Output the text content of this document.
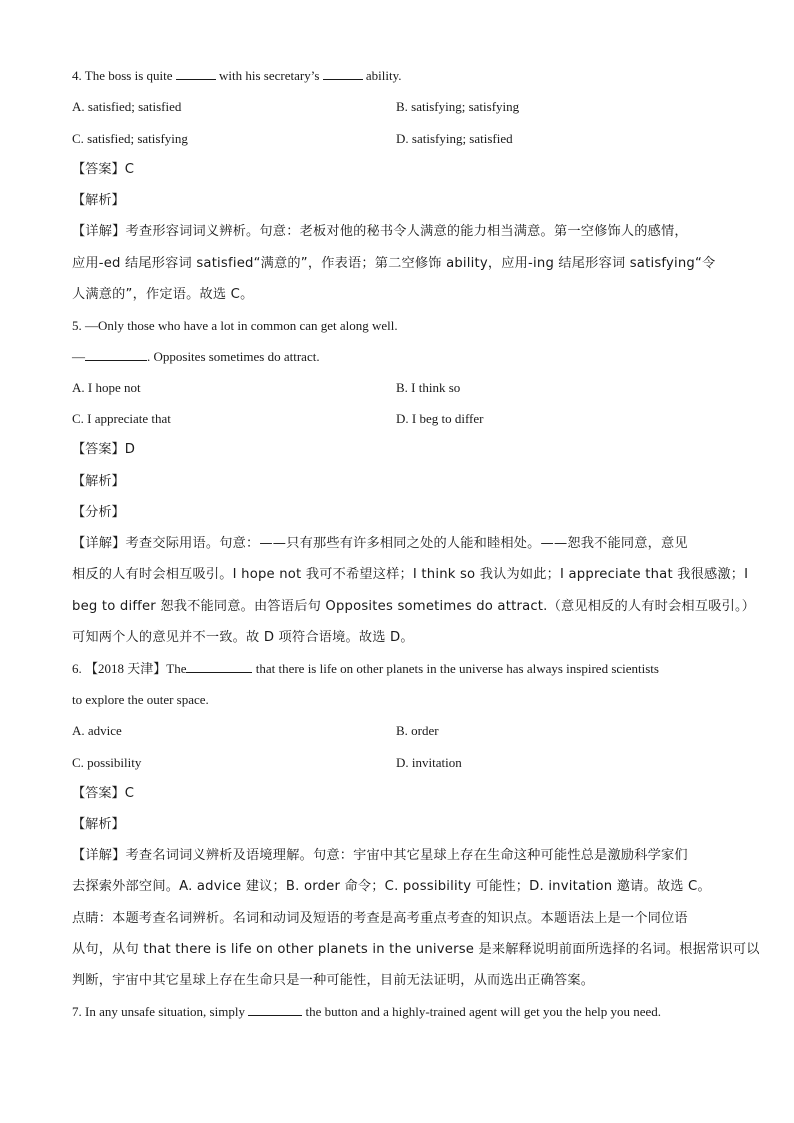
4. The boss is quite	with his secretary’s	ability.
A. satisfied; satisfied	B. satisfying; satisfying
C. satisfied; satisfying	D. satisfying; satisfied
【答案】C
【解析】
【详解】考查形容词词义辨析。句意：老板对他的秘书令人满意的能力相当满意。第一空修饰人的感情，
应用-ed 结尾形容词 satisfied“满意的”，作表语；第二空修饰 ability，应用-ing 结尾形容词 satisfying“令
人满意的”，作定语。故选 C。
5. —Only those who have a lot in common can get along well.
—	. Opposites sometimes do attract.
A. I hope not	B. I think so
C. I appreciate that	D. I beg to differ
【答案】D
【解析】
【分析】
【详解】考查交际用语。句意：——只有那些有许多相同之处的人能和睦相处。——恕我不能同意，意见
相反的人有时会相互吸引。I hope not 我可不希望这样；I think so 我认为如此；I appreciate that 我很感激；I
beg to differ 恕我不能同意。由答语后句 Opposites sometimes do attract.（意见相反的人有时会相互吸引。）
可知两个人的意见并不一致。故 D 项符合语境。故选 D。
6. 【2018 天津】The	that there is life on other planets in the universe has always inspired scientists
to explore the outer space.
A. advice	B. order
C. possibility	D. invitation
【答案】C
【解析】
【详解】考查名词词义辨析及语境理解。句意：宇宙中其它星球上存在生命这种可能性总是激励科学家们
去探索外部空间。A. advice 建议；B. order 命令；C. possibility 可能性；D. invitation 邀请。故选 C。
点睛：本题考查名词辨析。名词和动词及短语的考查是高考重点考查的知识点。本题语法上是一个同位语
从句，从句 that there is life on other planets in the universe 是来解释说明前面所选择的名词。根据常识可以
判断，宇宙中其它星球上存在生命只是一种可能性，目前无法证明，从而选出正确答案。
7. In any unsafe situation, simply	the button and a highly-trained agent will get you the help you need.
